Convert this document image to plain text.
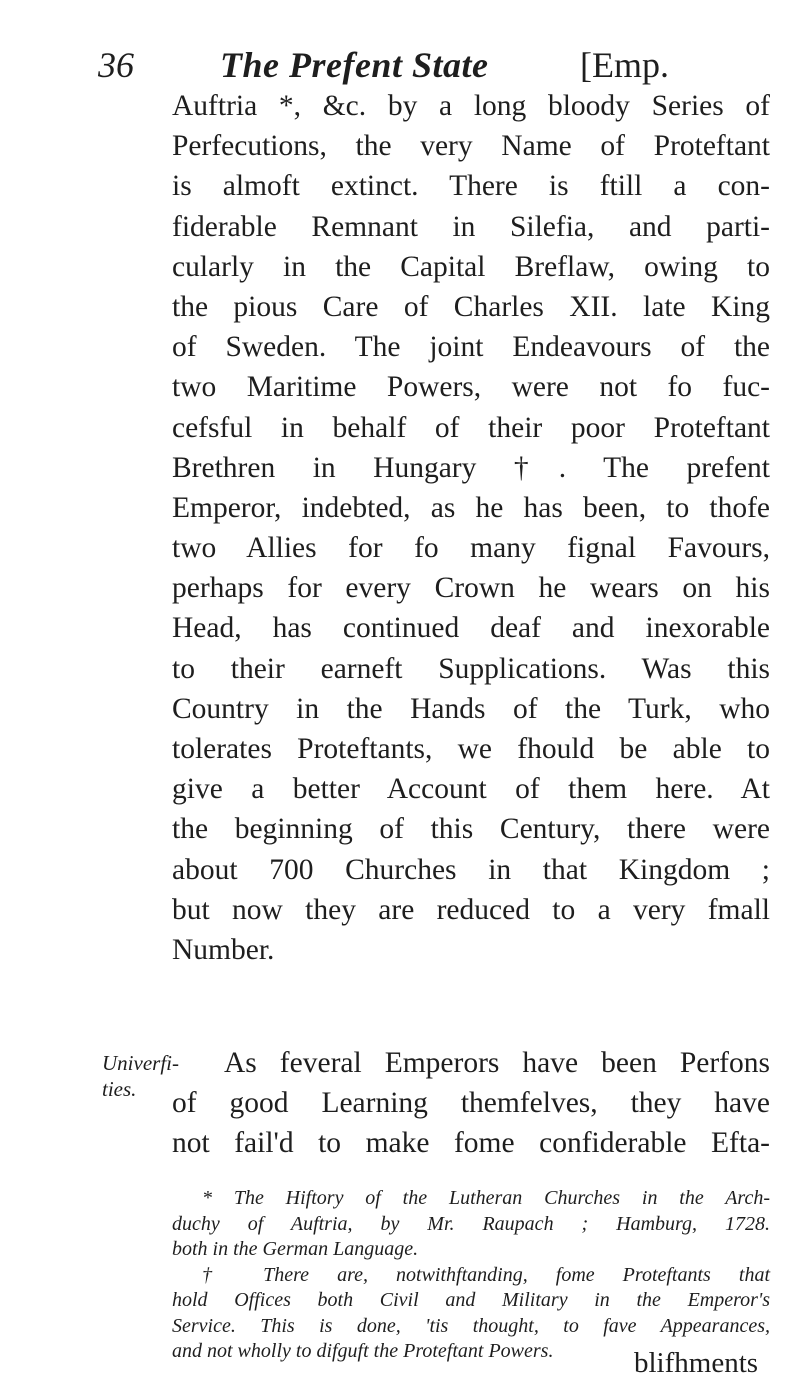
36 The Prefent State	[Emp.
Auftria *, &c. by a long bloody Series of
Perfecutions, the very Name of Proteftant
is almoft extinct. There is ftill a con-
fiderable Remnant in Silefia, and parti-
cularly in the Capital Breflaw, owing to
the pious Care of Charles XII. late King
of Sweden. The joint Endeavours of the
two Maritime Powers, were not fo fuc-
cefsful in behalf of their poor Proteftant
Brethren in Hungary †. The prefent
Emperor, indebted, as he has been, to thofe
two Allies for fo many fignal Favours,
perhaps for every Crown he wears on his
Head, has continued deaf and inexorable
to their earneft Supplications. Was this
Country in the Hands of the Turk, who
tolerates Proteftants, we fhould be able to
give a better Account of them here. At
the beginning of this Century, there were
about 700 Churches in that Kingdom ;
but now they are reduced to a very fmall
Number.
Univerfi-
ties.
As feveral Emperors have been Perfons
of good Learning themfelves, they have
not fail'd to make fome confiderable Efta-
* The Hiftory of the Lutheran Churches in the Arch-
duchy of Auftria, by Mr. Raupach ; Hamburg, 1728.
both in the German Language.
† There are, notwithftanding, fome Proteftants that
hold Offices both Civil and Military in the Emperor's
Service. This is done, 'tis thought, to fave Appearances,
and not wholly to difguft the Proteftant Powers.	blifhments
